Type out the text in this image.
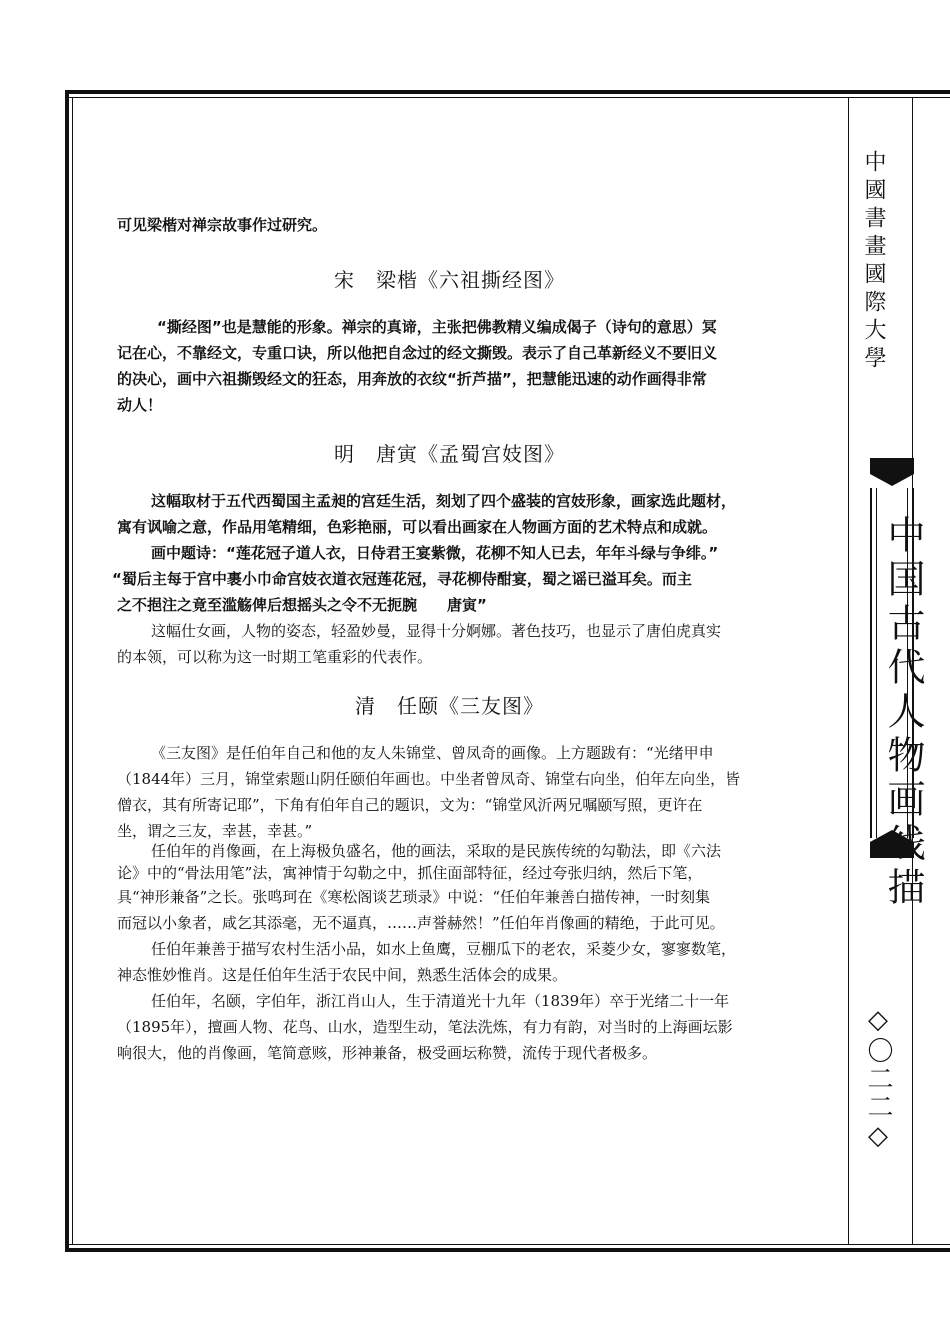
中國書畫國際大學
中国古代人物画线描
◇〇二二◇

可见梁楷对禅宗故事作过研究。

宋　梁楷《六祖撕经图》

“撕经图”也是慧能的形象。禅宗的真谛，主张把佛教精义编成偈子（诗句的意思）冥

记在心，不靠经文，专重口诀，所以他把自念过的经文撕毁。表示了自己革新经义不要旧义

的决心，画中六祖撕毁经文的狂态，用奔放的衣纹“折芦描”，把慧能迅速的动作画得非常

动人！

明　唐寅《孟蜀宫妓图》

这幅取材于五代西蜀国主孟昶的宫廷生活，刻划了四个盛装的宫妓形象，画家选此题材，

寓有讽喻之意，作品用笔精细，色彩艳丽，可以看出画家在人物画方面的艺术特点和成就。

画中题诗：“莲花冠子道人衣，日侍君王宴紫微，花柳不知人已去，年年斗绿与争绯。”

“蜀后主每于宫中裹小巾命宫妓衣道衣冠莲花冠，寻花柳侍酣宴，蜀之谣已溢耳矣。而主

之不挹注之竟至滥觞俾后想摇头之令不无扼腕　　唐寅”

这幅仕女画，人物的姿态，轻盈妙曼，显得十分婀娜。著色技巧，也显示了唐伯虎真实

的本领，可以称为这一时期工笔重彩的代表作。

清　任颐《三友图》

《三友图》是任伯年自己和他的友人朱锦堂、曾凤奇的画像。上方题跋有：“光绪甲申

（1844年）三月，锦堂索题山阴任颐伯年画也。中坐者曾凤奇、锦堂右向坐，伯年左向坐，皆

僧衣，其有所寄记耶”，下角有伯年自己的题识，文为：“锦堂风沂两兄嘱颐写照，更许在

坐，谓之三友，幸甚，幸甚。”

任伯年的肖像画，在上海极负盛名，他的画法，采取的是民族传统的勾勒法，即《六法

论》中的“骨法用笔”法，寓神情于勾勒之中，抓住面部特征，经过夸张归纳，然后下笔，

具“神形兼备”之长。张鸣珂在《寒松阁谈艺琐录》中说：“任伯年兼善白描传神，一时刻集

而冠以小象者，咸乞其添毫，无不逼真，……声誉赫然！”任伯年肖像画的精绝，于此可见。

任伯年兼善于描写农村生活小品，如水上鱼鹰，豆棚瓜下的老农，采菱少女，寥寥数笔，

神态惟妙惟肖。这是任伯年生活于农民中间，熟悉生活体会的成果。

任伯年，名颐，字伯年，浙江肖山人，生于清道光十九年（1839年）卒于光绪二十一年

（1895年），擅画人物、花鸟、山水，造型生动，笔法洗炼，有力有韵，对当时的上海画坛影

响很大，他的肖像画，笔简意赅，形神兼备，极受画坛称赞，流传于现代者极多。
